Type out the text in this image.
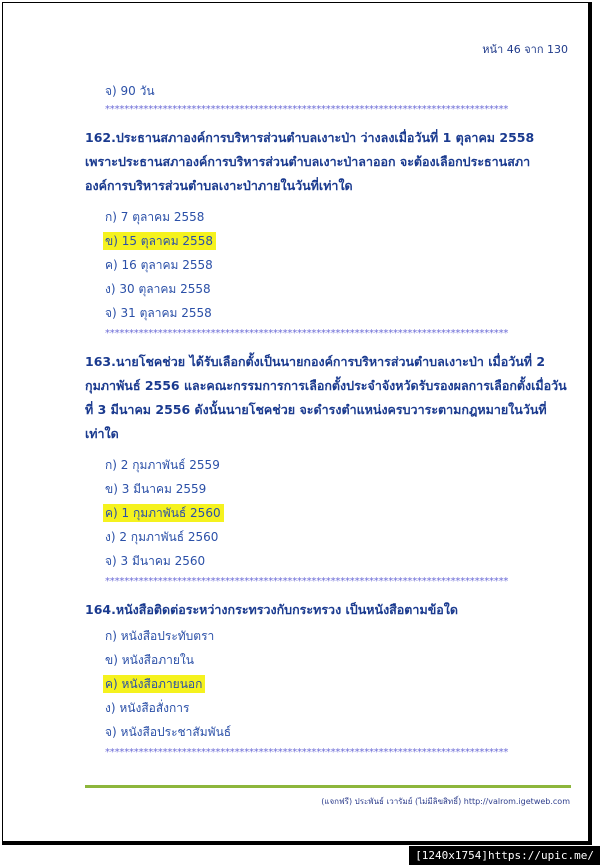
หน้า 46 จาก 130
จ) 90 วัน
************************************************************************************
162.ประธานสภาองค์การบริหารส่วนตำบลเงาะป่า ว่างลงเมื่อวันที่ 1 ตุลาคม 2558 เพราะประธานสภาองค์การบริหารส่วนตำบลเงาะป่าลาออก จะต้องเลือกประธานสภาองค์การบริหารส่วนตำบลเงาะป่าภายในวันที่เท่าใด
ก) 7 ตุลาคม 2558
ข) 15 ตุลาคม 2558
ค) 16 ตุลาคม 2558
ง) 30 ตุลาคม 2558
จ) 31 ตุลาคม 2558
************************************************************************************
163.นายโชคช่วย ได้รับเลือกตั้งเป็นนายกองค์การบริหารส่วนตำบลเงาะป่า เมื่อวันที่ 2 กุมภาพันธ์ 2556 และคณะกรรมการการเลือกตั้งประจำจังหวัดรับรองผลการเลือกตั้งเมื่อวันที่ 3 มีนาคม 2556 ดังนั้นนายโชคช่วย จะดำรงตำแหน่งครบวาระตามกฎหมายในวันที่เท่าใด
ก) 2 กุมภาพันธ์ 2559
ข) 3 มีนาคม 2559
ค) 1 กุมภาพันธ์ 2560
ง) 2 กุมภาพันธ์ 2560
จ) 3 มีนาคม 2560
************************************************************************************
164.หนังสือติดต่อระหว่างกระทรวงกับกระทรวง เป็นหนังสือตามข้อใด
ก) หนังสือประทับตรา
ข) หนังสือภายใน
ค) หนังสือภายนอก
ง) หนังสือสั่งการ
จ) หนังสือประชาสัมพันธ์
************************************************************************************
(แจกฟรี) ประพันธ์ เวารัมย์ (ไม่มีลิขสิทธิ์) http://valrom.igetweb.com
[1240x1754]https://upic.me/
